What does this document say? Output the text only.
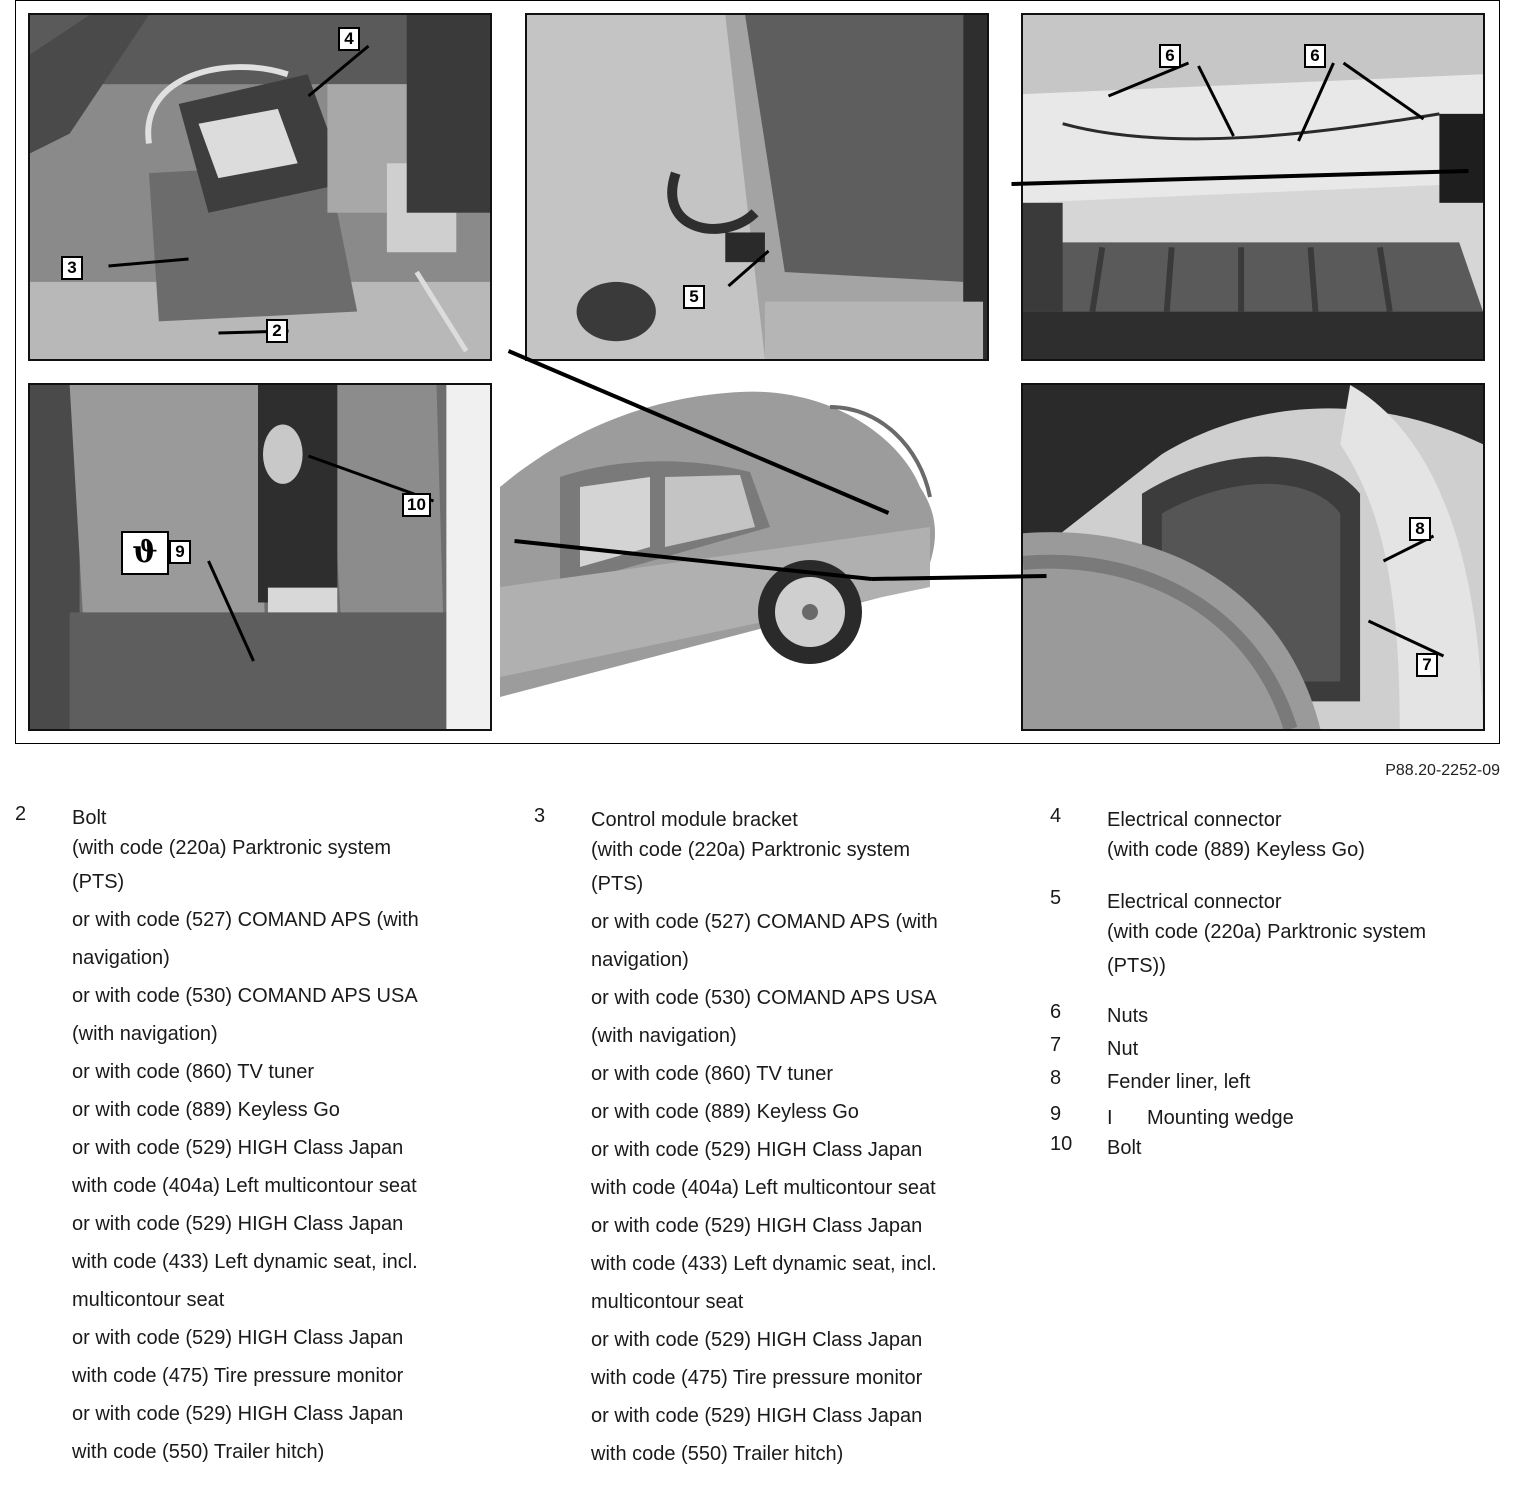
4
3
2
5
6	6
8
7
10
9
ϑ
P88.20-2252-09
2 Bolt
(with code (220a) Parktronic system
(PTS)
or with code (527) COMAND APS (with
navigation)
or with code (530) COMAND APS USA
(with navigation)
or with code (860) TV tuner
or with code (889) Keyless Go
or with code (529) HIGH Class Japan
with code (404a) Left multicontour seat
or with code (529) HIGH Class Japan
with code (433) Left dynamic seat, incl.
multicontour seat
or with code (529) HIGH Class Japan
with code (475) Tire pressure monitor
or with code (529) HIGH Class Japan
with code (550) Trailer hitch)
3 Control module bracket
(with code (220a) Parktronic system
(PTS)
or with code (527) COMAND APS (with
navigation)
or with code (530) COMAND APS USA
(with navigation)
or with code (860) TV tuner
or with code (889) Keyless Go
or with code (529) HIGH Class Japan
with code (404a) Left multicontour seat
or with code (529) HIGH Class Japan
with code (433) Left dynamic seat, incl.
multicontour seat
or with code (529) HIGH Class Japan
with code (475) Tire pressure monitor
or with code (529) HIGH Class Japan
with code (550) Trailer hitch)
4 Electrical connector
(with code (889) Keyless Go)
5 Electrical connector
(with code (220a) Parktronic system
(PTS))
6 Nuts
7 Nut
8 Fender liner, left
9 I Mounting wedge
10 Bolt
